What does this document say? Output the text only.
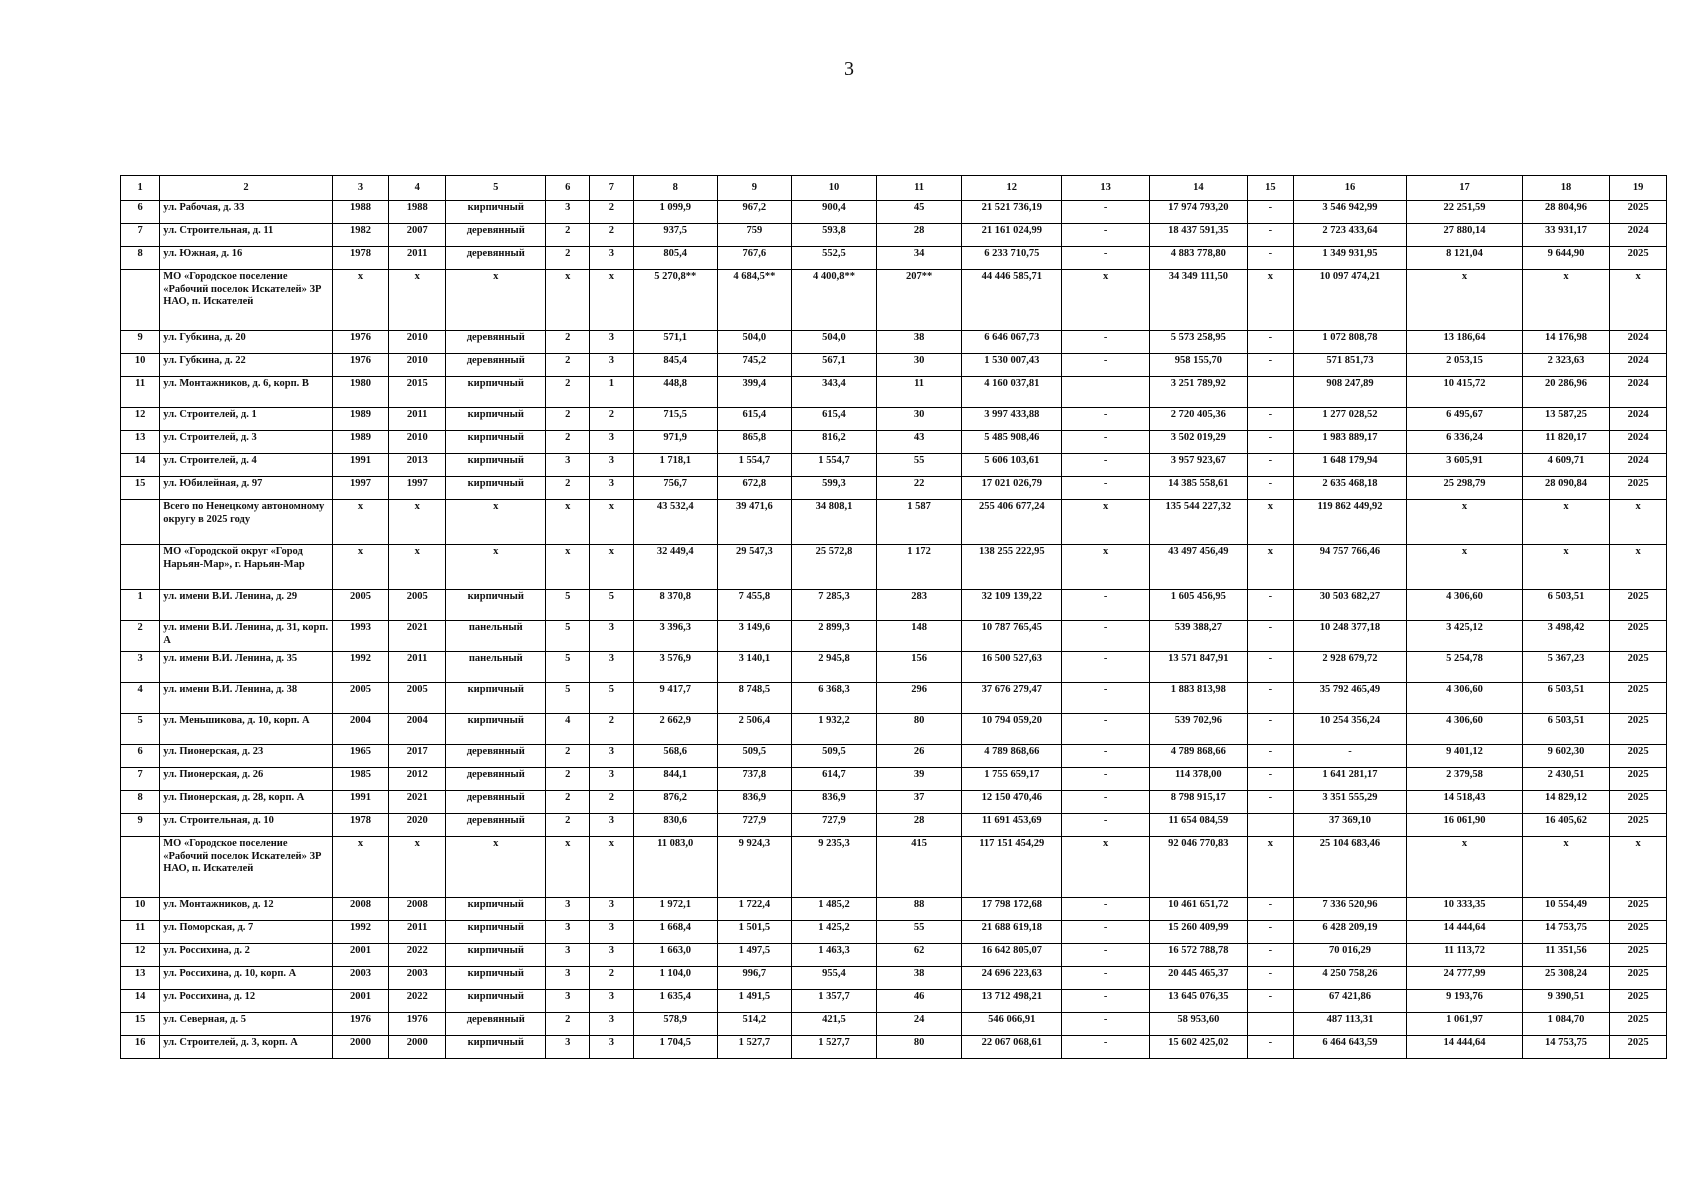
3
1	2	3	4	5	6	7	8	9	10	11	12	13	14	15	16	17	18	19
6	ул. Рабочая, д. 33	1988	1988	кирпичный	3	2	1 099,9	967,2	900,4	45	21 521 736,19	-	17 974 793,20	-	3 546 942,99	22 251,59	28 804,96	2025
7	ул. Строительная, д. 11	1982	2007	деревянный	2	2	937,5	759	593,8	28	21 161 024,99	-	18 437 591,35	-	2 723 433,64	27 880,14	33 931,17	2024
8	ул. Южная, д. 16	1978	2011	деревянный	2	3	805,4	767,6	552,5	34	6 233 710,75	-	4 883 778,80	-	1 349 931,95	8 121,04	9 644,90	2025
	МО «Городское поселение «Рабочий поселок Искателей» ЗР НАО, п. Искателей	х	х	х	х	х	5 270,8**	4 684,5**	4 400,8**	207**	44 446 585,71	х	34 349 111,50	х	10 097 474,21	х	х	х
9	ул. Губкина, д. 20	1976	2010	деревянный	2	3	571,1	504,0	504,0	38	6 646 067,73	-	5 573 258,95	-	1 072 808,78	13 186,64	14 176,98	2024
10	ул. Губкина, д. 22	1976	2010	деревянный	2	3	845,4	745,2	567,1	30	1 530 007,43	-	958 155,70	-	571 851,73	2 053,15	2 323,63	2024
11	ул. Монтажников, д. 6, корп. В	1980	2015	кирпичный	2	1	448,8	399,4	343,4	11	4 160 037,81		3 251 789,92		908 247,89	10 415,72	20 286,96	2024
12	ул. Строителей, д. 1	1989	2011	кирпичный	2	2	715,5	615,4	615,4	30	3 997 433,88	-	2 720 405,36	-	1 277 028,52	6 495,67	13 587,25	2024
13	ул. Строителей, д. 3	1989	2010	кирпичный	2	3	971,9	865,8	816,2	43	5 485 908,46	-	3 502 019,29	-	1 983 889,17	6 336,24	11 820,17	2024
14	ул. Строителей, д. 4	1991	2013	кирпичный	3	3	1 718,1	1 554,7	1 554,7	55	5 606 103,61	-	3 957 923,67	-	1 648 179,94	3 605,91	4 609,71	2024
15	ул. Юбилейная, д. 97	1997	1997	кирпичный	2	3	756,7	672,8	599,3	22	17 021 026,79	-	14 385 558,61	-	2 635 468,18	25 298,79	28 090,84	2025
	Всего по Ненецкому автономному округу в 2025 году	х	х	х	х	х	43 532,4	39 471,6	34 808,1	1 587	255 406 677,24	х	135 544 227,32	х	119 862 449,92	х	х	х
	МО «Городской округ «Город Нарьян-Мар», г. Нарьян-Мар	х	х	х	х	х	32 449,4	29 547,3	25 572,8	1 172	138 255 222,95	х	43 497 456,49	х	94 757 766,46	х	х	х
1	ул. имени В.И. Ленина, д. 29	2005	2005	кирпичный	5	5	8 370,8	7 455,8	7 285,3	283	32 109 139,22	-	1 605 456,95	-	30 503 682,27	4 306,60	6 503,51	2025
2	ул. имени В.И. Ленина, д. 31, корп. А	1993	2021	панельный	5	3	3 396,3	3 149,6	2 899,3	148	10 787 765,45	-	539 388,27	-	10 248 377,18	3 425,12	3 498,42	2025
3	ул. имени В.И. Ленина, д. 35	1992	2011	панельный	5	3	3 576,9	3 140,1	2 945,8	156	16 500 527,63	-	13 571 847,91	-	2 928 679,72	5 254,78	5 367,23	2025
4	ул. имени В.И. Ленина, д. 38	2005	2005	кирпичный	5	5	9 417,7	8 748,5	6 368,3	296	37 676 279,47	-	1 883 813,98	-	35 792 465,49	4 306,60	6 503,51	2025
5	ул. Меньшикова, д. 10, корп. А	2004	2004	кирпичный	4	2	2 662,9	2 506,4	1 932,2	80	10 794 059,20	-	539 702,96	-	10 254 356,24	4 306,60	6 503,51	2025
6	ул. Пионерская, д. 23	1965	2017	деревянный	2	3	568,6	509,5	509,5	26	4 789 868,66	-	4 789 868,66	-	-	9 401,12	9 602,30	2025
7	ул. Пионерская, д. 26	1985	2012	деревянный	2	3	844,1	737,8	614,7	39	1 755 659,17	-	114 378,00	-	1 641 281,17	2 379,58	2 430,51	2025
8	ул. Пионерская, д. 28, корп. А	1991	2021	деревянный	2	2	876,2	836,9	836,9	37	12 150 470,46	-	8 798 915,17	-	3 351 555,29	14 518,43	14 829,12	2025
9	ул. Строительная, д. 10	1978	2020	деревянный	2	3	830,6	727,9	727,9	28	11 691 453,69	-	11 654 084,59		37 369,10	16 061,90	16 405,62	2025
	МО «Городское поселение «Рабочий поселок Искателей» ЗР НАО, п. Искателей	х	х	х	х	х	11 083,0	9 924,3	9 235,3	415	117 151 454,29	х	92 046 770,83	х	25 104 683,46	х	х	х
10	ул. Монтажников, д. 12	2008	2008	кирпичный	3	3	1 972,1	1 722,4	1 485,2	88	17 798 172,68	-	10 461 651,72	-	7 336 520,96	10 333,35	10 554,49	2025
11	ул. Поморская, д. 7	1992	2011	кирпичный	3	3	1 668,4	1 501,5	1 425,2	55	21 688 619,18	-	15 260 409,99	-	6 428 209,19	14 444,64	14 753,75	2025
12	ул. Россихина, д. 2	2001	2022	кирпичный	3	3	1 663,0	1 497,5	1 463,3	62	16 642 805,07	-	16 572 788,78	-	70 016,29	11 113,72	11 351,56	2025
13	ул. Россихина, д. 10, корп. А	2003	2003	кирпичный	3	2	1 104,0	996,7	955,4	38	24 696 223,63	-	20 445 465,37	-	4 250 758,26	24 777,99	25 308,24	2025
14	ул. Россихина, д. 12	2001	2022	кирпичный	3	3	1 635,4	1 491,5	1 357,7	46	13 712 498,21	-	13 645 076,35	-	67 421,86	9 193,76	9 390,51	2025
15	ул. Северная, д. 5	1976	1976	деревянный	2	3	578,9	514,2	421,5	24	546 066,91	-	58 953,60		487 113,31	1 061,97	1 084,70	2025
16	ул. Строителей, д. 3, корп. А	2000	2000	кирпичный	3	3	1 704,5	1 527,7	1 527,7	80	22 067 068,61	-	15 602 425,02	-	6 464 643,59	14 444,64	14 753,75	2025
